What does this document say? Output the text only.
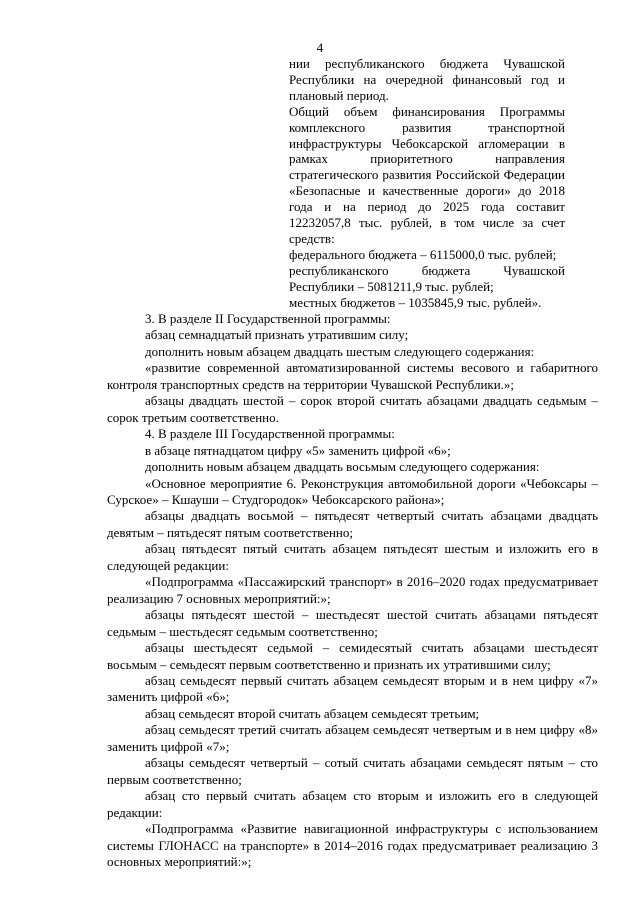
4

нии республиканского бюджета Чувашской Республики на очередной финансовый год и плановый период.

Общий объем финансирования Программы комплексного развития транспортной инфраструктуры Чебоксарской агломерации в рамках приоритетного направления стратегического развития Российской Федерации «Безопасные и качественные дороги» до 2018 года и на период до 2025 года составит 12232057,8 тыс. рублей, в том числе за счет средств:

федерального бюджета – 6115000,0 тыс. рублей;

республиканского бюджета Чувашской Республики – 5081211,9 тыс. рублей;

местных бюджетов – 1035845,9 тыс. рублей».

3. В разделе II Государственной программы:

абзац семнадцатый признать утратившим силу;

дополнить новым абзацем двадцать шестым следующего содержания:

«развитие современной автоматизированной системы весового и габаритного контроля транспортных средств на территории Чувашской Республики.»;

абзацы двадцать шестой – сорок второй считать абзацами двадцать седьмым – сорок третьим соответственно.

4. В разделе III Государственной программы:

в абзаце пятнадцатом цифру «5» заменить цифрой «6»;

дополнить новым абзацем двадцать восьмым следующего содержания:

«Основное мероприятие 6. Реконструкция автомобильной дороги «Чебоксары – Сурское» – Кшауши – Студгородок» Чебоксарского района»;

абзацы двадцать восьмой – пятьдесят четвертый считать абзацами двадцать девятым – пятьдесят пятым соответственно;

абзац пятьдесят пятый считать абзацем пятьдесят шестым и изложить его в следующей редакции:

«Подпрограмма «Пассажирский транспорт» в 2016–2020 годах предусматривает реализацию 7 основных мероприятий:»;

абзацы пятьдесят шестой – шестьдесят шестой считать абзацами пятьдесят седьмым – шестьдесят седьмым соответственно;

абзацы шестьдесят седьмой – семидесятый считать абзацами шестьдесят восьмым – семьдесят первым соответственно и признать их утратившими силу;

абзац семьдесят первый считать абзацем семьдесят вторым и в нем цифру «7» заменить цифрой «6»;

абзац семьдесят второй считать абзацем семьдесят третьим;

абзац семьдесят третий считать абзацем семьдесят четвертым и в нем цифру «8» заменить цифрой «7»;

абзацы семьдесят четвертый – сотый считать абзацами семьдесят пятым – сто первым соответственно;

абзац сто первый считать абзацем сто вторым и изложить его в следующей редакции:

«Подпрограмма «Развитие навигационной инфраструктуры с использованием системы ГЛОНАСС на транспорте» в 2014–2016 годах предусматривает реализацию 3 основных мероприятий:»;
